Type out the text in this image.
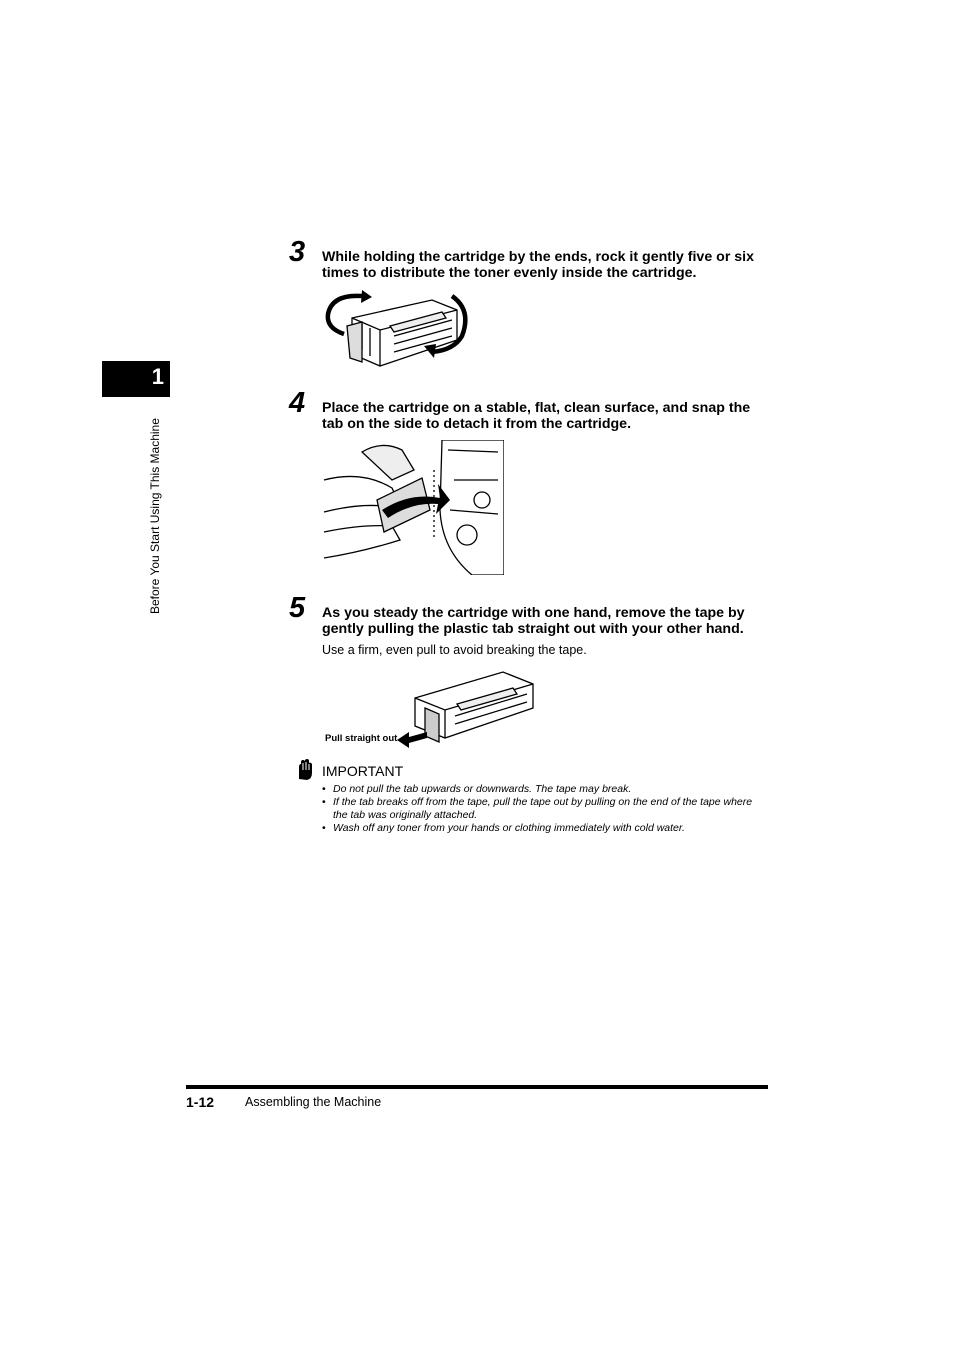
1
Before You Start Using This Machine
3 While holding the cartridge by the ends, rock it gently five or six times to distribute the toner evenly inside the cartridge.
4 Place the cartridge on a stable, flat, clean surface, and snap the tab on the side to detach it from the cartridge.
5 As you steady the cartridge with one hand, remove the tape by gently pulling the plastic tab straight out with your other hand.
Use a firm, even pull to avoid breaking the tape.
Pull straight out
IMPORTANT
• Do not pull the tab upwards or downwards. The tape may break.
• If the tab breaks off from the tape, pull the tape out by pulling on the end of the tape where the tab was originally attached.
• Wash off any toner from your hands or clothing immediately with cold water.
1-12 Assembling the Machine
